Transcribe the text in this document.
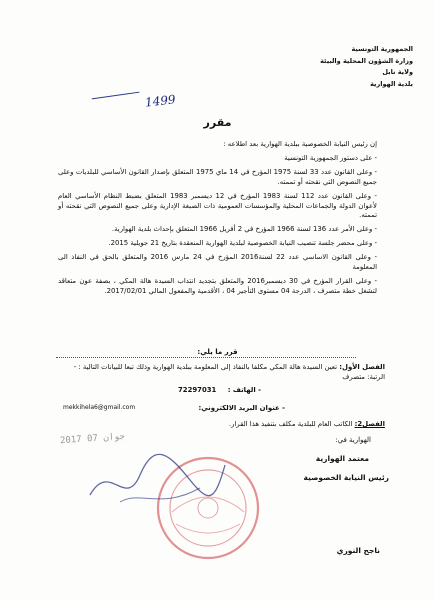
الجمهورية التونسية
وزارة الشؤون المحلية والبيئة
ولاية نابل
بلدية الهوارية
1499
مقرر

إن رئيس النيابة الخصوصية ببلدية الهوارية بعد اطلاعه :

- على دستور الجمهورية التونسية

- وعلى القانون عدد 33 لسنة 1975 المؤرخ في 14 ماي 1975 المتعلق بإصدار القانون الأساسي للبلديات وعلى جميع النصوص التي نقحته أو تممته.

- وعلى القانون عدد 112 لسنة 1983 المؤرخ في 12 ديسمبر 1983 المتعلق بضبط النظام الأساسي العام لأعوان الدولة والجماعات المحلية والمؤسسات العمومية ذات الصبغة الإدارية وعلى جميع النصوص التي نقحته أو تممته.

- وعلى الأمر عدد 136 لسنة 1966 المؤرخ في 2 أفريل 1966 المتعلق بإحداث بلدية الهوارية.

- وعلى محضر جلسة تنصيب النيابة الخصوصية لبلدية الهوارية المنعقدة بتاريخ 21 جويلية 2015.

- وعلى القانون الاساسي عدد 22 لسنة2016 المؤرخ في 24 مارس 2016 والمتعلق بالحق في النفاذ الى المعلومة

- وعلى القرار المؤرخ في 30 ديسمبر2016 والمتعلق بتجديد انتداب السيدة هالة المكي ، بصفة عون متعاقد لتشغل خطة متصرف ، الدرجة 04 مستوى التأجير 04 ، الأقدمية والمفعول المالي 2017/02/01.

قرر ما يلي:
الفصل الأول: تعين السيدة هالة المكي مكلفا بالنفاذ إلى المعلومة ببلدية الهوارية وذلك تبعا للبيانات التالية : - الرتبة: متصرف
- الهاتف :
72297031
- عنوان البريد الالكتروني:
mekkihela6@gmail.com
الفصل2: الكاتب العام للبلدية مكلف بتنفيذ هذا القرار.
الهوارية في:
2017 جوان 07
معتمد الهوارية
رئيس النيابة الخصوصية
ناجح النوري
